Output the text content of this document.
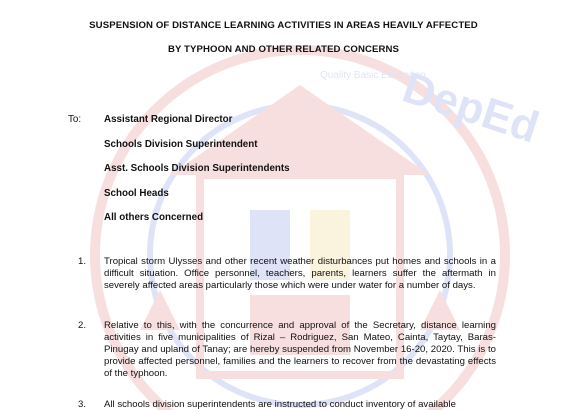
DepEd
Quality Basic Education
SUSPENSION OF DISTANCE LEARNING ACTIVITIES IN AREAS HEAVILY AFFECTED
BY TYPHOON AND OTHER RELATED CONCERNS
To: Assistant Regional Director
Schools Division Superintendent
Asst. Schools Division Superintendents
School Heads
All others Concerned
1.	Tropical storm Ulysses and other recent weather disturbances put homes and schools in a difficult situation. Office personnel, teachers, parents, learners suffer the aftermath in severely affected areas particularly those which were under water for a number of days.
2.	Relative to this, with the concurrence and approval of the Secretary, distance learning activities in five municipalities of Rizal – Rodriguez, San Mateo, Cainta, Taytay, Baras-Pinugay and upland of Tanay; are hereby suspended from November 16-20, 2020. This is to provide affected personnel, families and the learners to recover from the devastating effects of the typhoon.
3.	All schools division superintendents are instructed to conduct inventory of available
